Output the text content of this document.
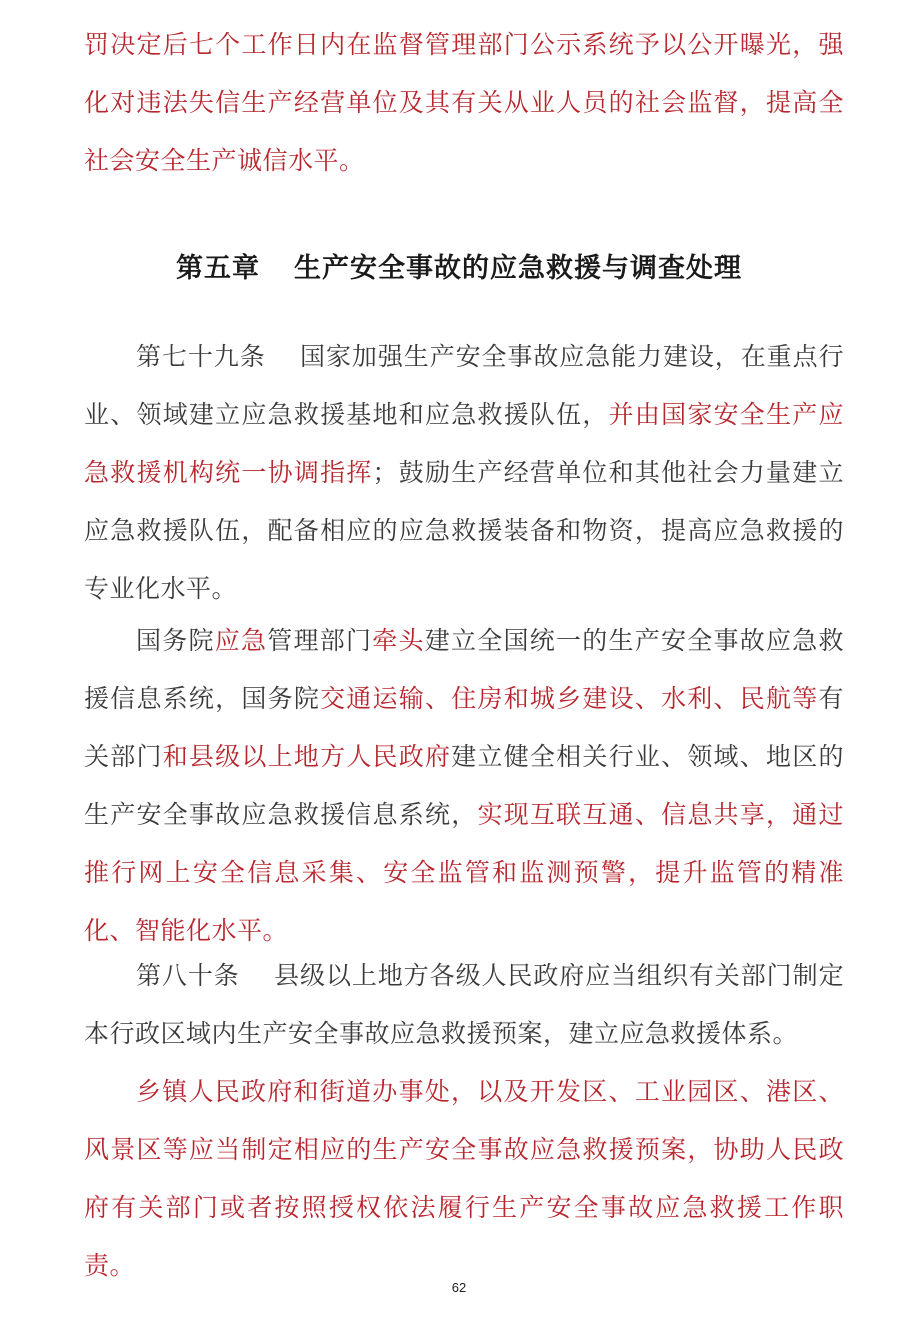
罚决定后七个工作日内在监督管理部门公示系统予以公开曝光，强化对违法失信生产经营单位及其有关从业人员的社会监督，提高全社会安全生产诚信水平。

第五章 生产安全事故的应急救援与调查处理

第七十九条 国家加强生产安全事故应急能力建设，在重点行业、领域建立应急救援基地和应急救援队伍，并由国家安全生产应急救援机构统一协调指挥；鼓励生产经营单位和其他社会力量建立应急救援队伍，配备相应的应急救援装备和物资，提高应急救援的专业化水平。

国务院应急管理部门牵头建立全国统一的生产安全事故应急救援信息系统，国务院交通运输、住房和城乡建设、水利、民航等有关部门和县级以上地方人民政府建立健全相关行业、领域、地区的生产安全事故应急救援信息系统，实现互联互通、信息共享，通过推行网上安全信息采集、安全监管和监测预警，提升监管的精准化、智能化水平。

第八十条 县级以上地方各级人民政府应当组织有关部门制定本行政区域内生产安全事故应急救援预案，建立应急救援体系。

乡镇人民政府和街道办事处，以及开发区、工业园区、港区、风景区等应当制定相应的生产安全事故应急救援预案，协助人民政府有关部门或者按照授权依法履行生产安全事故应急救援工作职责。

62
